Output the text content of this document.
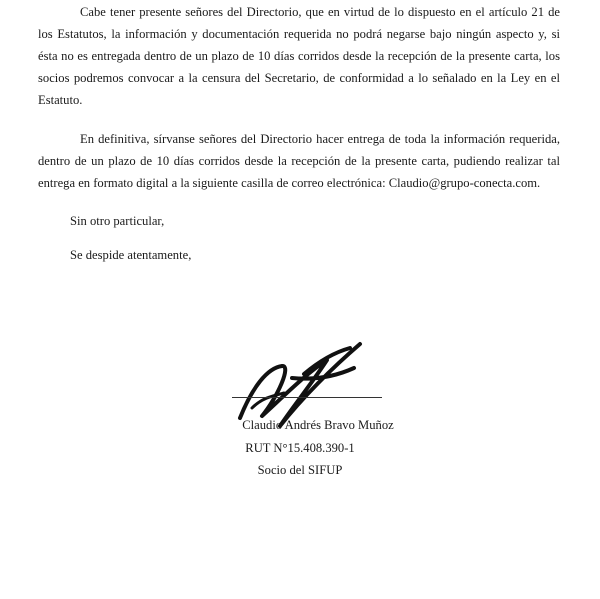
Cabe tener presente señores del Directorio, que en virtud de lo dispuesto en el artículo 21 de los Estatutos, la información y documentación requerida no podrá negarse bajo ningún aspecto y, si ésta no es entregada dentro de un plazo de 10 días corridos desde la recepción de la presente carta, los socios podremos convocar a la censura del Secretario, de conformidad a lo señalado en la Ley en el Estatuto.

En definitiva, sírvanse señores del Directorio hacer entrega de toda la información requerida, dentro de un plazo de 10 días corridos desde la recepción de la presente carta, pudiendo realizar tal entrega en formato digital a la siguiente casilla de correo electrónica: Claudio@grupo-conecta.com.

Sin otro particular,

Se despide atentamente,

Claudio Andrés Bravo Muñoz

RUT N°15.408.390-1

Socio del SIFUP
